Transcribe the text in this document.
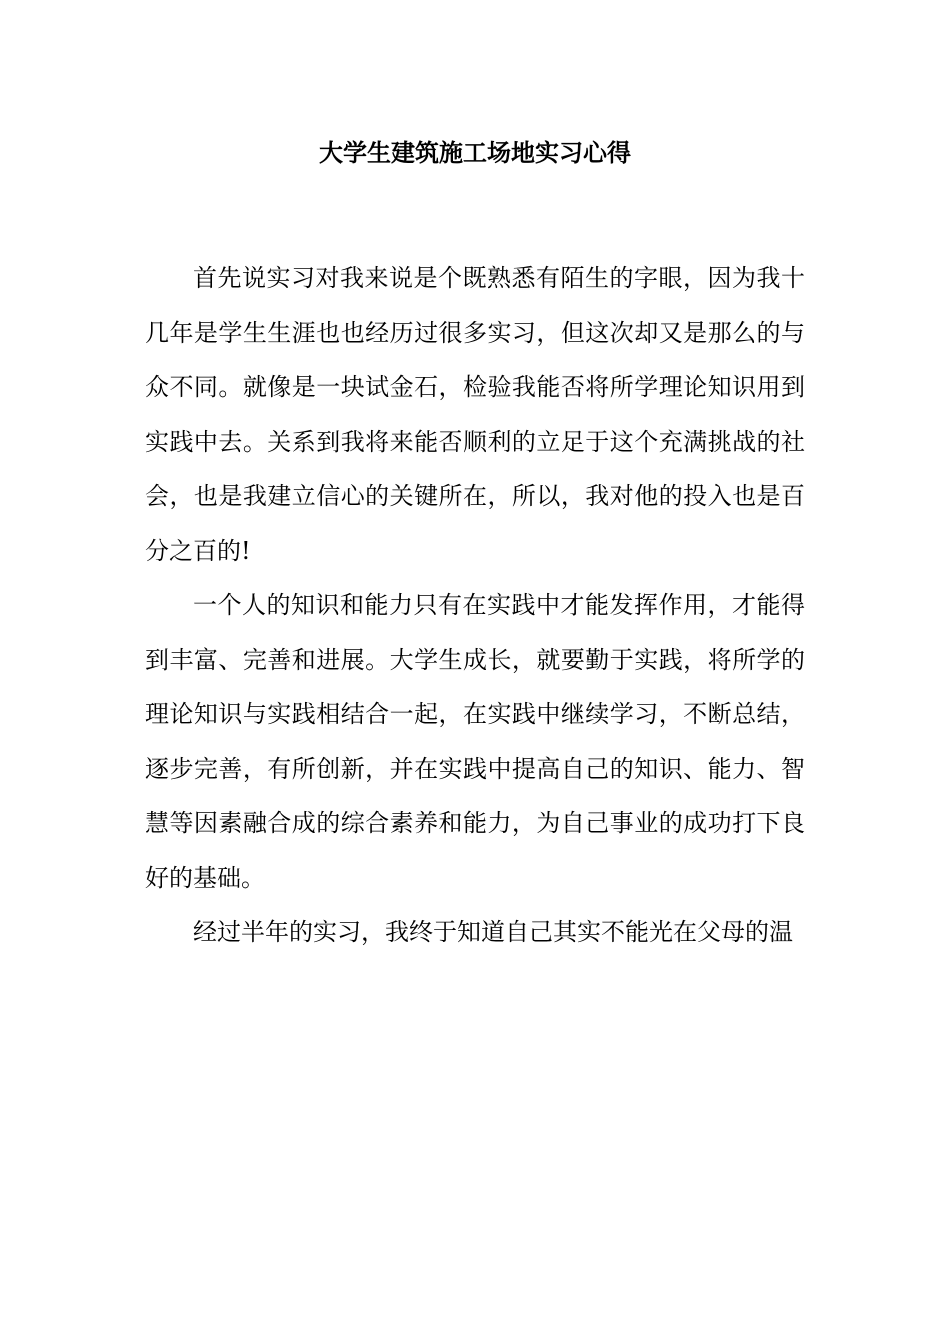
大学生建筑施工场地实习心得

首先说实习对我来说是个既熟悉有陌生的字眼，因为我十几年是学生生涯也也经历过很多实习，但这次却又是那么的与众不同。就像是一块试金石，检验我能否将所学理论知识用到实践中去。关系到我将来能否顺利的立足于这个充满挑战的社会，也是我建立信心的关键所在，所以，我对他的投入也是百分之百的!

一个人的知识和能力只有在实践中才能发挥作用，才能得到丰富、完善和进展。大学生成长，就要勤于实践，将所学的理论知识与实践相结合一起，在实践中继续学习，不断总结，逐步完善，有所创新，并在实践中提高自己的知识、能力、智慧等因素融合成的综合素养和能力，为自己事业的成功打下良好的基础。

经过半年的实习，我终于知道自己其实不能光在父母的温
